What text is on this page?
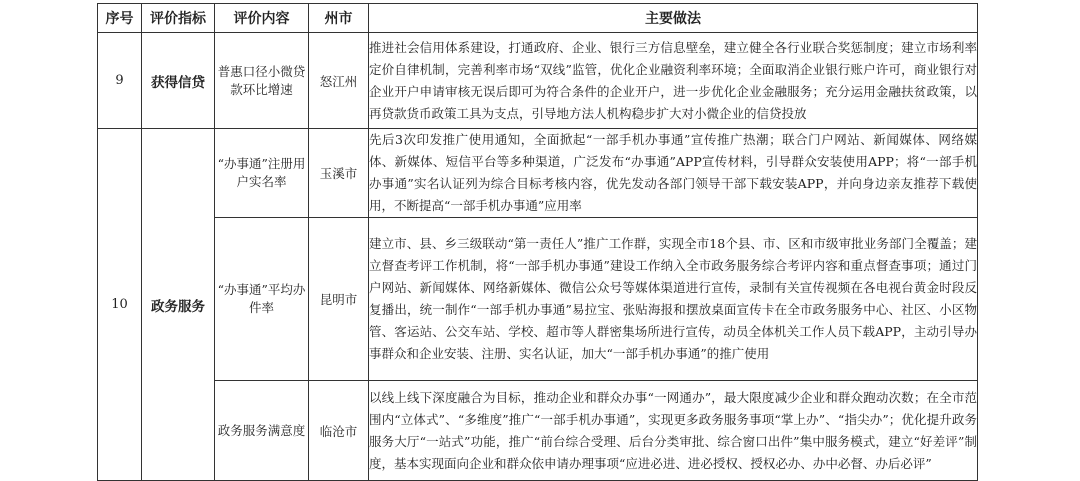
序号	评价指标	评价内容	州市	主要做法
9	获得信贷	普惠口径小微贷款环比增速	怒江州	推进社会信用体系建设，打通政府、企业、银行三方信息壁垒，建立健全各行业联合奖惩制度；建立市场利率定价自律机制，完善利率市场“双线”监管，优化企业融资利率环境；全面取消企业银行账户许可，商业银行对企业开户申请审核无误后即可为符合条件的企业开户，进一步优化企业金融服务；充分运用金融扶贫政策，以再贷款货币政策工具为支点，引导地方法人机构稳步扩大对小微企业的信贷投放
10	政务服务	“办事通”注册用户实名率	玉溪市	先后3次印发推广使用通知，全面掀起“一部手机办事通”宣传推广热潮；联合门户网站、新闻媒体、网络媒体、新媒体、短信平台等多种渠道，广泛发布“办事通”APP宣传材料，引导群众安装使用APP；将“一部手机办事通”实名认证列为综合目标考核内容，优先发动各部门领导干部下载安装APP，并向身边亲友推荐下载使用，不断提高“一部手机办事通”应用率
		“办事通”平均办件率	昆明市	建立市、县、乡三级联动“第一责任人”推广工作群，实现全市18个县、市、区和市级审批业务部门全覆盖；建立督查考评工作机制，将“一部手机办事通”建设工作纳入全市政务服务综合考评内容和重点督查事项；通过门户网站、新闻媒体、网络新媒体、微信公众号等媒体渠道进行宣传，录制有关宣传视频在各电视台黄金时段反复播出，统一制作“一部手机办事通”易拉宝、张贴海报和摆放桌面宣传卡在全市政务服务中心、社区、小区物管、客运站、公交车站、学校、超市等人群密集场所进行宣传，动员全体机关工作人员下载APP，主动引导办事群众和企业安装、注册、实名认证，加大“一部手机办事通”的推广使用
		政务服务满意度	临沧市	以线上线下深度融合为目标，推动企业和群众办事“一网通办”，最大限度减少企业和群众跑动次数；在全市范围内“立体式”、“多维度”推广“一部手机办事通”，实现更多政务服务事项“掌上办”、“指尖办”；优化提升政务服务大厅“一站式”功能，推广“前台综合受理、后台分类审批、综合窗口出件”集中服务模式，建立“好差评”制度，基本实现面向企业和群众依申请办理事项“应进必进、进必授权、授权必办、办中必督、办后必评”
